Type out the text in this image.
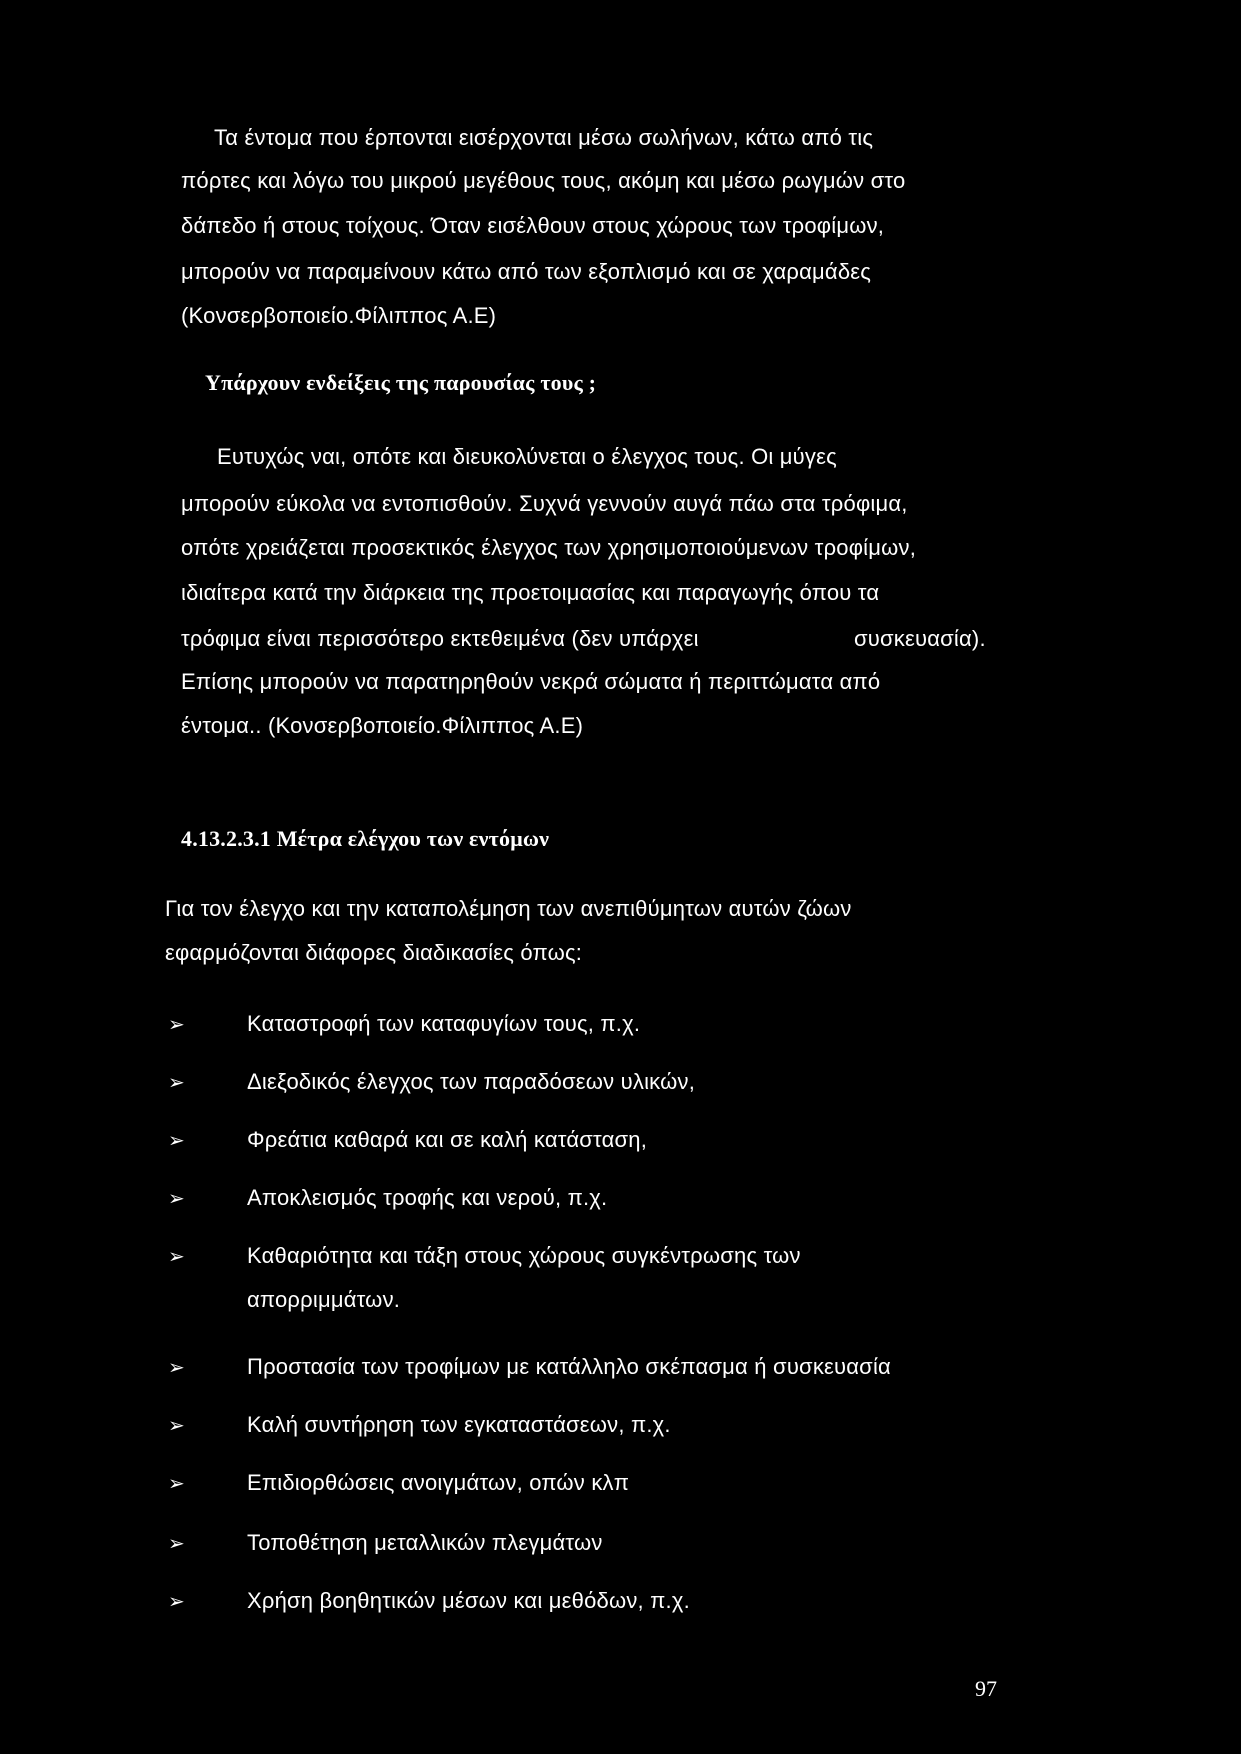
Τα έντομα που έρπονται εισέρχονται μέσω σωλήνων, κάτω από τις
πόρτες και λόγω του μικρού μεγέθους τους, ακόμη και μέσω ρωγμών στο
δάπεδο ή στους τοίχους. Όταν εισέλθουν στους χώρους των τροφίμων,
μπορούν να παραμείνουν κάτω από των εξοπλισμό και σε χαραμάδες
(Κονσερβοποιείο.Φίλιππος Α.Ε)
Υπάρχουν ενδείξεις της παρουσίας τους ;
Ευτυχώς ναι, οπότε και διευκολύνεται ο έλεγχος τους. Οι μύγες
μπορούν εύκολα να εντοπισθούν. Συχνά γεννούν αυγά πάω στα τρόφιμα,
οπότε χρειάζεται προσεκτικός έλεγχος των χρησιμοποιούμενων τροφίμων,
ιδιαίτερα κατά την διάρκεια της προετοιμασίας και παραγωγής όπου τα
τρόφιμα είναι περισσότερο εκτεθειμένα (δεν υπάρχει	συσκευασία).
Επίσης μπορούν να παρατηρηθούν νεκρά σώματα ή περιττώματα από
έντομα.. (Κονσερβοποιείο.Φίλιππος Α.Ε)
4.13.2.3.1 Μέτρα ελέγχου των εντόμων
Για τον έλεγχο και την καταπολέμηση των ανεπιθύμητων αυτών ζώων
εφαρμόζονται διάφορες διαδικασίες όπως:
➢	Καταστροφή των καταφυγίων τους, π.χ.
➢	Διεξοδικός έλεγχος των παραδόσεων υλικών,
➢	Φρεάτια καθαρά και σε καλή κατάσταση,
➢	Αποκλεισμός τροφής και νερού, π.χ.
➢	Καθαριότητα και τάξη στους χώρους συγκέντρωσης των
απορριμμάτων.
➢	Προστασία των τροφίμων με κατάλληλο σκέπασμα ή συσκευασία
➢	Καλή συντήρηση των εγκαταστάσεων, π.χ.
➢	Επιδιορθώσεις ανοιγμάτων, οπών κλπ
➢	Τοποθέτηση μεταλλικών πλεγμάτων
➢	Χρήση βοηθητικών μέσων και μεθόδων, π.χ.
97
